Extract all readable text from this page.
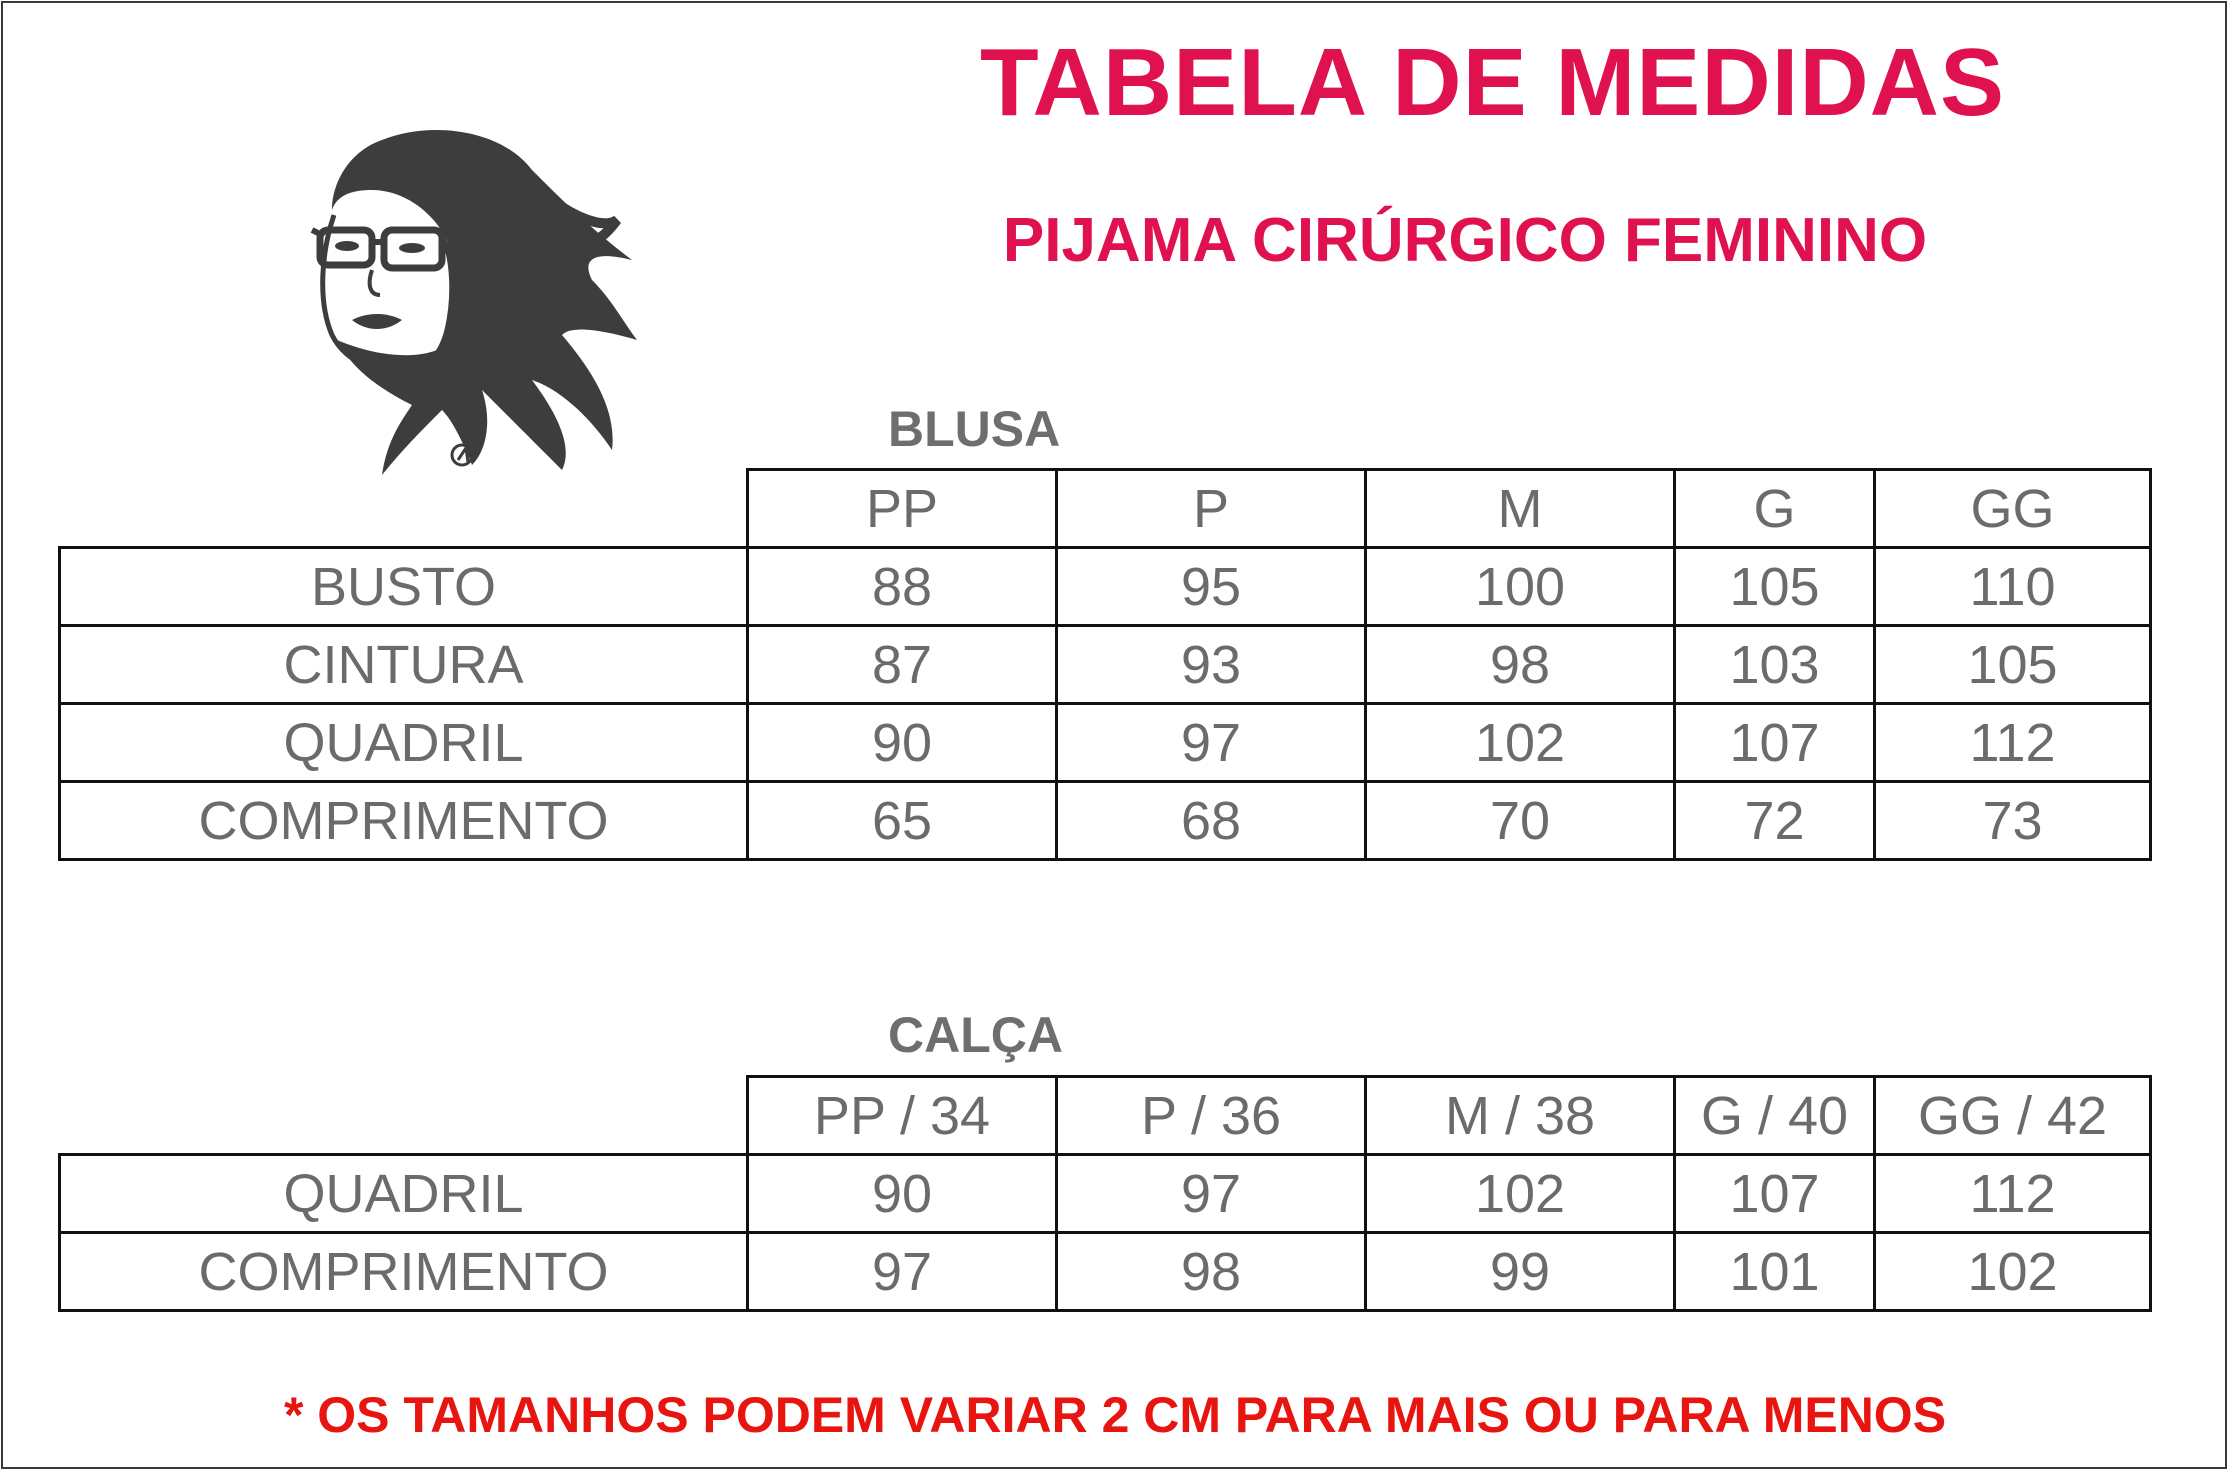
TABELA DE MEDIDAS
PIJAMA CIRÚRGICO FEMININO
BLUSA
	PP	P	M	G	GG
BUSTO	88	95	100	105	110
CINTURA	87	93	98	103	105
QUADRIL	90	97	102	107	112
COMPRIMENTO	65	68	70	72	73
CALÇA
	PP / 34	P / 36	M / 38	G / 40	GG / 42
QUADRIL	90	97	102	107	112
COMPRIMENTO	97	98	99	101	102
* OS TAMANHOS PODEM VARIAR 2 CM PARA MAIS OU PARA MENOS
